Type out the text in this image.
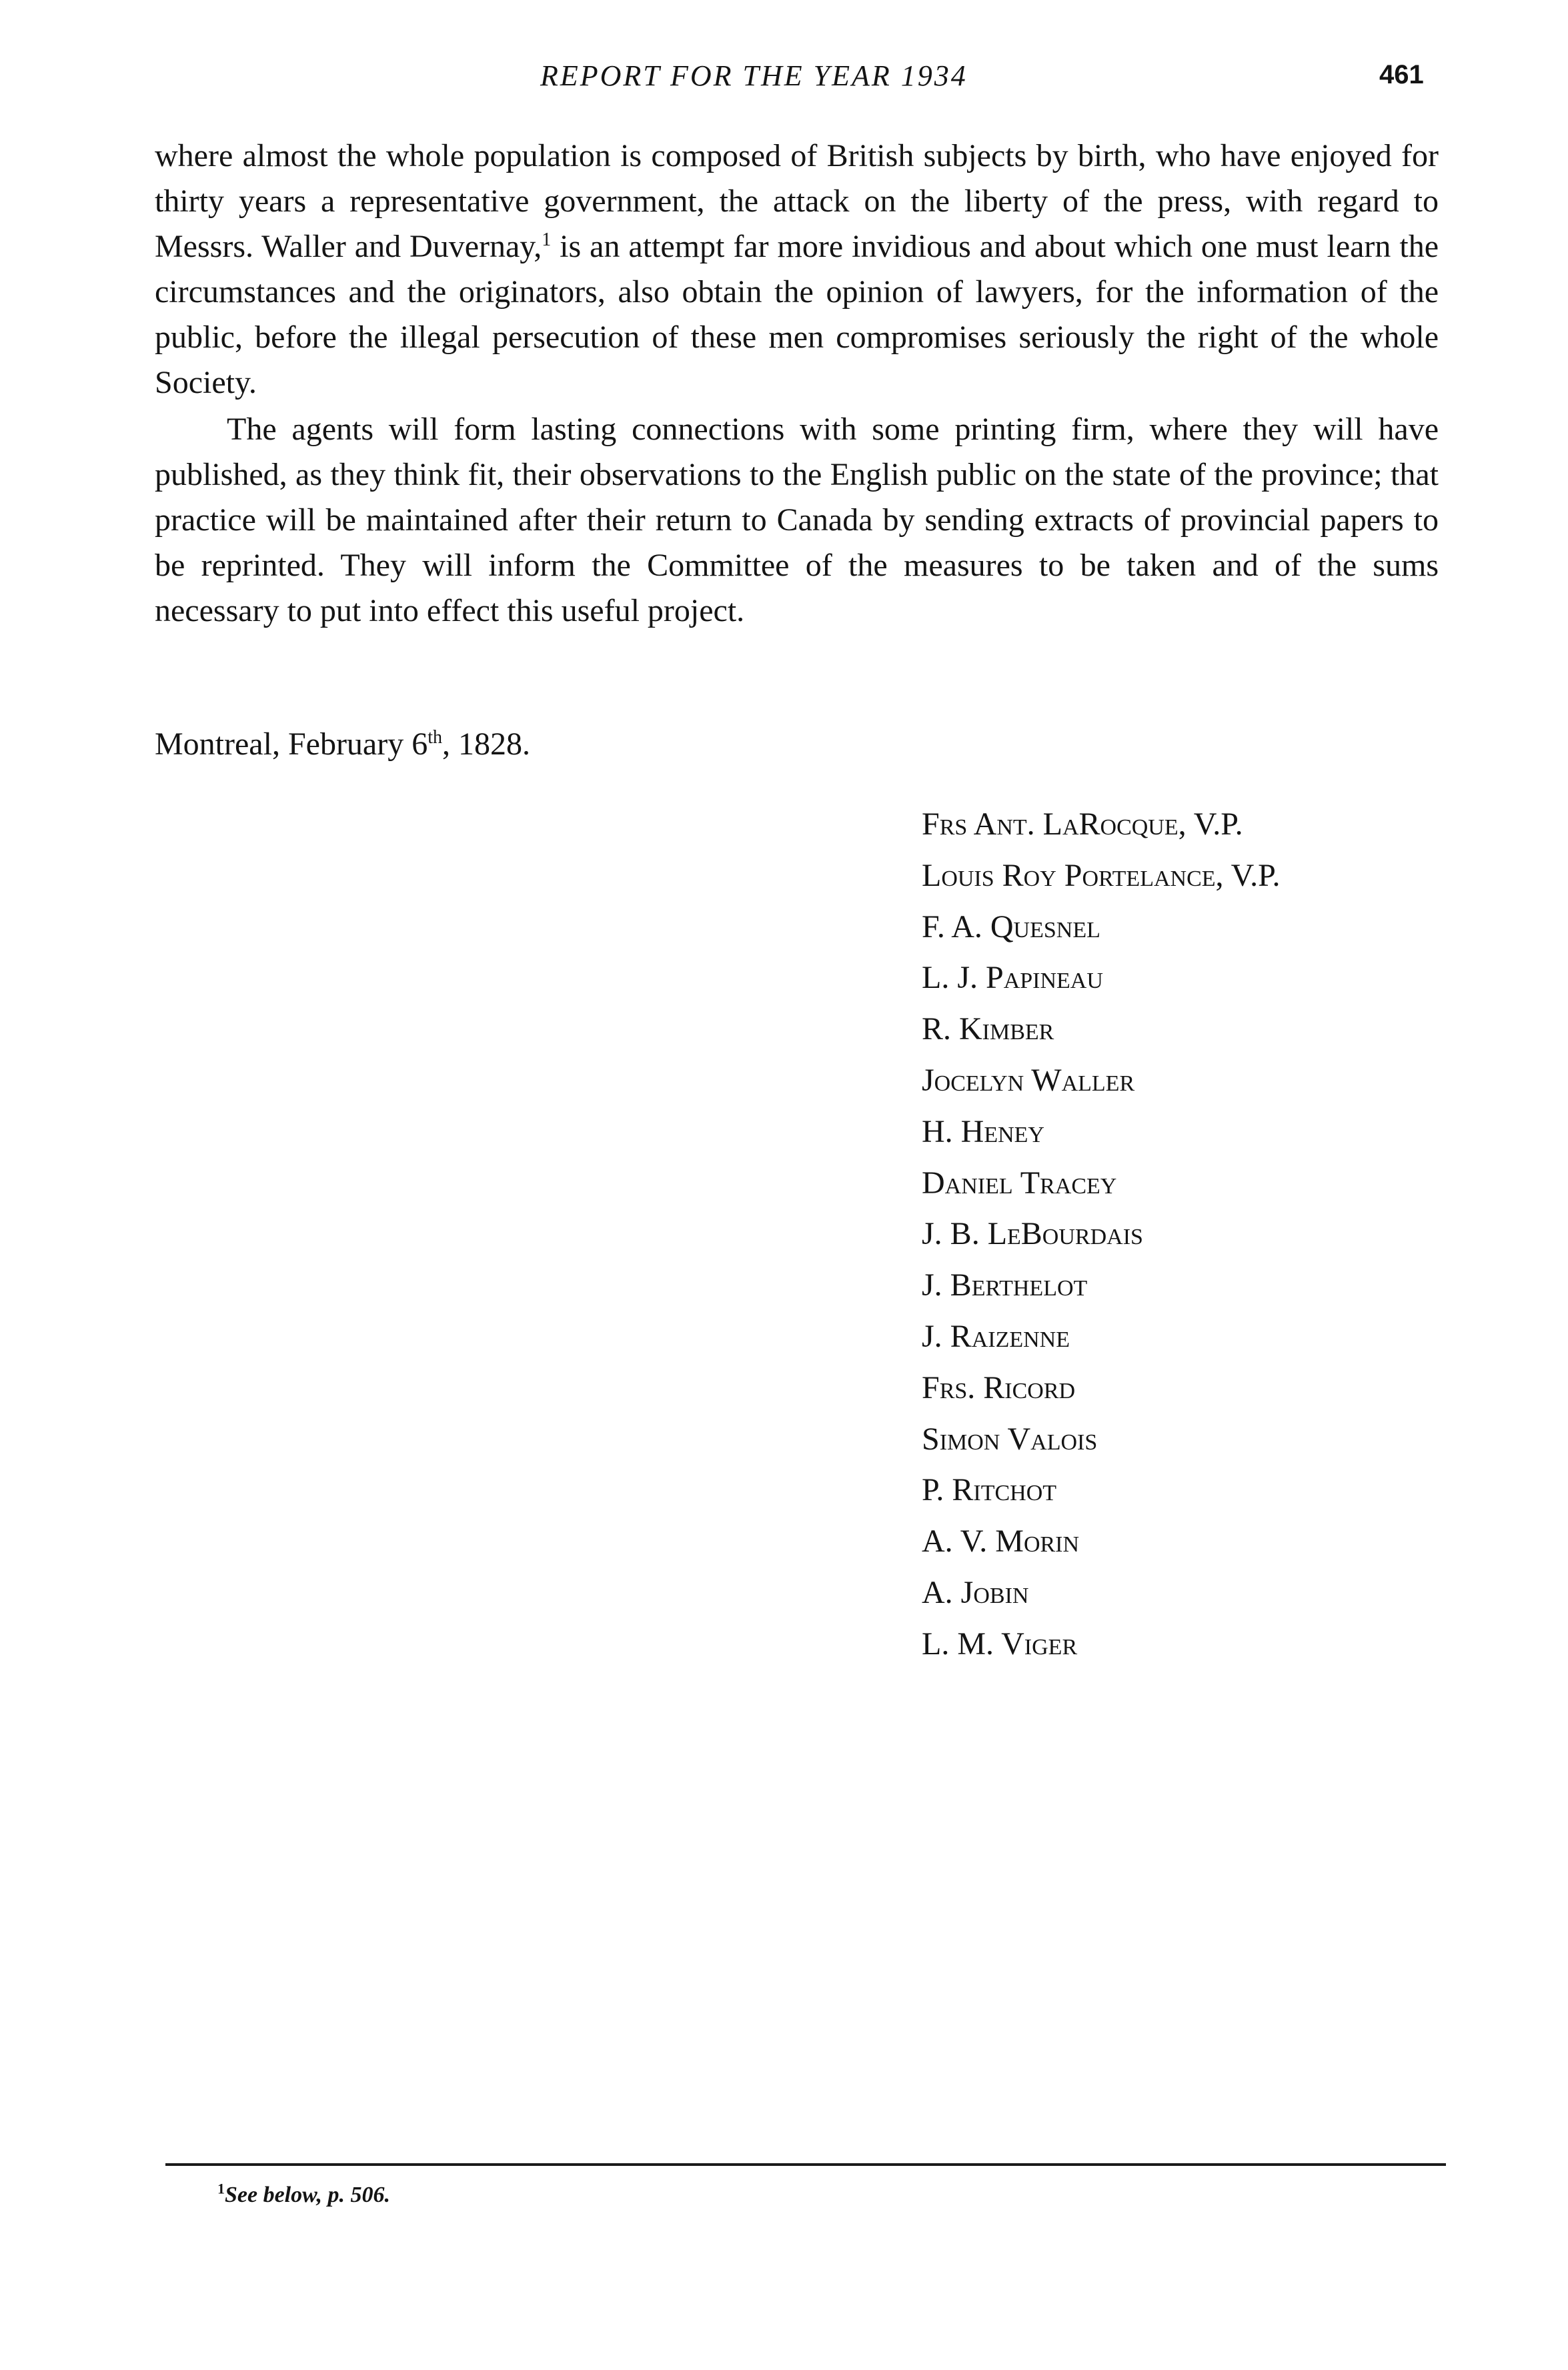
REPORT FOR THE YEAR 1934	461

where almost the whole population is composed of British subjects by birth, who have enjoyed for thirty years a representative government, the attack on the liberty of the press, with regard to Messrs. Waller and Duvernay,$^1$ is an attempt far more invidious and about which one must learn the circumstances and the originators, also obtain the opinion of lawyers, for the information of the public, before the illegal persecution of these men compromises seriously the right of the whole Society.

The agents will form lasting connections with some printing firm, where they will have published, as they think fit, their observations to the English public on the state of the province; that practice will be maintained after their return to Canada by sending extracts of provincial papers to be reprinted. They will inform the Committee of the measures to be taken and of the sums necessary to put into effect this useful project.

Montreal, February 6th, 1828.
Frs Ant. LaRocque, V.P.
Louis Roy Portelance, V.P.
F. A. Quesnel
L. J. Papineau
R. Kimber
Jocelyn Waller
H. Heney
Daniel Tracey
J. B. LeBourdais
J. Berthelot
J. Raizenne
Frs. Ricord
Simon Valois
P. Ritchot
A. V. Morin
A. Jobin
L. M. Viger
$^1$See below, p. 506.
